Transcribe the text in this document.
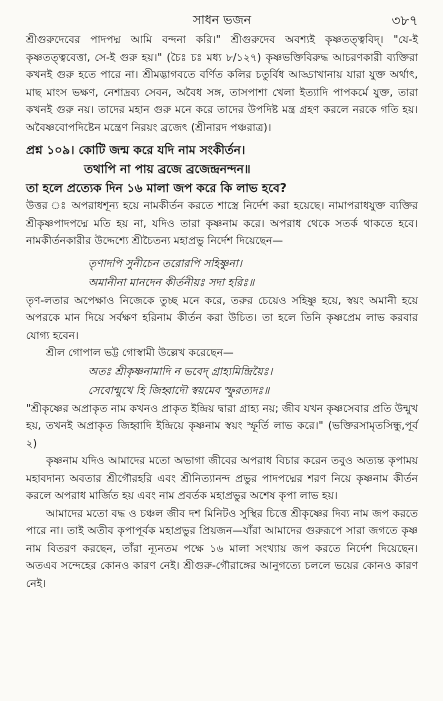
সাধন ভজন	৩৮৭

শ্রীগুরুদেবের পাদপদ্ম আমি বন্দনা করি।" শ্রীগুরুদেব অবশ্যই কৃষ্ণতত্ত্ববিদ্‌। "যে-ই কৃষ্ণতত্ত্ববেত্তা, সে-ই গুরু হয়।" (চৈঃ চঃ মধ্য ৮/১২৭) কৃষ্ণভক্তিবিরুদ্ধ আচরণকারী ব্যক্তিরা কখনই গুরু হতে পারে না। শ্রীমদ্ভাগবতে বর্ণিত কলির চতুর্বিধ আড্ডাখানায় যারা যুক্ত অর্থাৎ, মাছ মাংস ভক্ষণ, নেশাদ্রব্য সেবন, অবৈধ সঙ্গ, তাসপাশা খেলা ইত্যাদি পাপকর্মে যুক্ত, তারা কখনই গুরু নয়। তাদের মহান গুরু মনে করে তাদের উপদিষ্ট মন্ত্র গ্রহণ করলে নরকে গতি হয়। অবৈষ্ণবোপদিষ্টেন মন্ত্রেণ নিরয়ং ব্রজেৎ (শ্রীনারদ পঞ্চরাত্র)।

প্রশ্ন ১০৯। কোটি জন্ম করে যদি নাম সংকীর্তন।
তথাপি না পায় ব্রজে ব্রজেন্দ্রনন্দন॥
তা হলে প্রত্যেক দিন ১৬ মালা জপ করে কি লাভ হবে?

উত্তর ঃ অপরাধশূন্য হয়ে নামকীর্তন করতে শাস্ত্রে নির্দেশ করা হয়েছে। নামাপরাধযুক্ত ব্যক্তির শ্রীকৃষ্ণপাদপদ্মে মতি হয় না, যদিও তারা কৃষ্ণনাম করে। অপরাধ থেকে সতর্ক থাকতে হবে। নামকীর্তনকারীর উদ্দেশ্যে শ্রীচৈতন্য মহাপ্রভু নির্দেশ দিয়েছেন—

তৃণাদপি সুনীচেন তরোরপি সহিষ্ণুনা।
অমানীনা মানদেন কীর্তনীয়ঃ সদা হরিঃ॥

তৃণ-লতার অপেক্ষাও নিজেকে তুচ্ছ মনে করে, তরুর চেয়েও সহিষ্ণু হয়ে, স্বয়ং অমানী হয়ে অপরকে মান দিয়ে সর্বক্ষণ হরিনাম কীর্তন করা উচিত। তা হলে তিনি কৃষ্ণপ্রেম লাভ করবার যোগ্য হবেন।

শ্রীল গোপাল ভট্ট গোস্বামী উল্লেখ করেছেন—

অতঃ শ্রীকৃষ্ণনামাদি ন ভবেদ্‌ গ্রাহ্যমিন্দ্রিয়ৈঃ।
সেবোন্মুখে হি জিহ্বাদৌ স্বয়মেব স্ফুরত্যদঃ॥

"শ্রীকৃষ্ণের অপ্রাকৃত নাম কখনও প্রাকৃত ইন্দ্রিয় দ্বারা গ্রাহ্য নয়; জীব যখন কৃষ্ণসেবার প্রতি উন্মুখ হয়, তখনই অপ্রাকৃত জিহ্বাদি ইন্দ্রিয়ে কৃষ্ণনাম স্বয়ং স্ফূর্তি লাভ করে।" (ভক্তিরসামৃতসিন্ধু,পূর্ব ২)

কৃষ্ণনাম যদিও আমাদের মতো অভাগা জীবের অপরাধ বিচার করেন তবুও অত্যন্ত কৃপাময় মহাবদান্য অবতার শ্রীগৌরহরি এবং শ্রীনিত্যানন্দ প্রভুর পাদপদ্মের শরণ নিয়ে কৃষ্ণনাম কীর্তন করলে অপরাধ মার্জিত হয় এবং নাম প্রবর্তক মহাপ্রভুর অশেষ কৃপা লাভ হয়।

আমাদের মতো বদ্ধ ও চঞ্চল জীব দশ মিনিটও সুস্থির চিত্তে শ্রীকৃষ্ণের দিব্য নাম জপ করতে পারে না। তাই অতীব কৃপাপূর্বক মহাপ্রভুর প্রিয়জন—যাঁরা আমাদের গুরুরূপে সারা জগতে কৃষ্ণ নাম বিতরণ করছেন, তাঁরা ন্যূনতম পক্ষে ১৬ মালা সংখ্যায় জপ করতে নির্দেশ দিয়েছেন। অতএব সন্দেহের কোনও কারণ নেই। শ্রীগুরু-গৌরাঙ্গের আনুগত্যে চললে ভয়ের কোনও কারণ নেই।
